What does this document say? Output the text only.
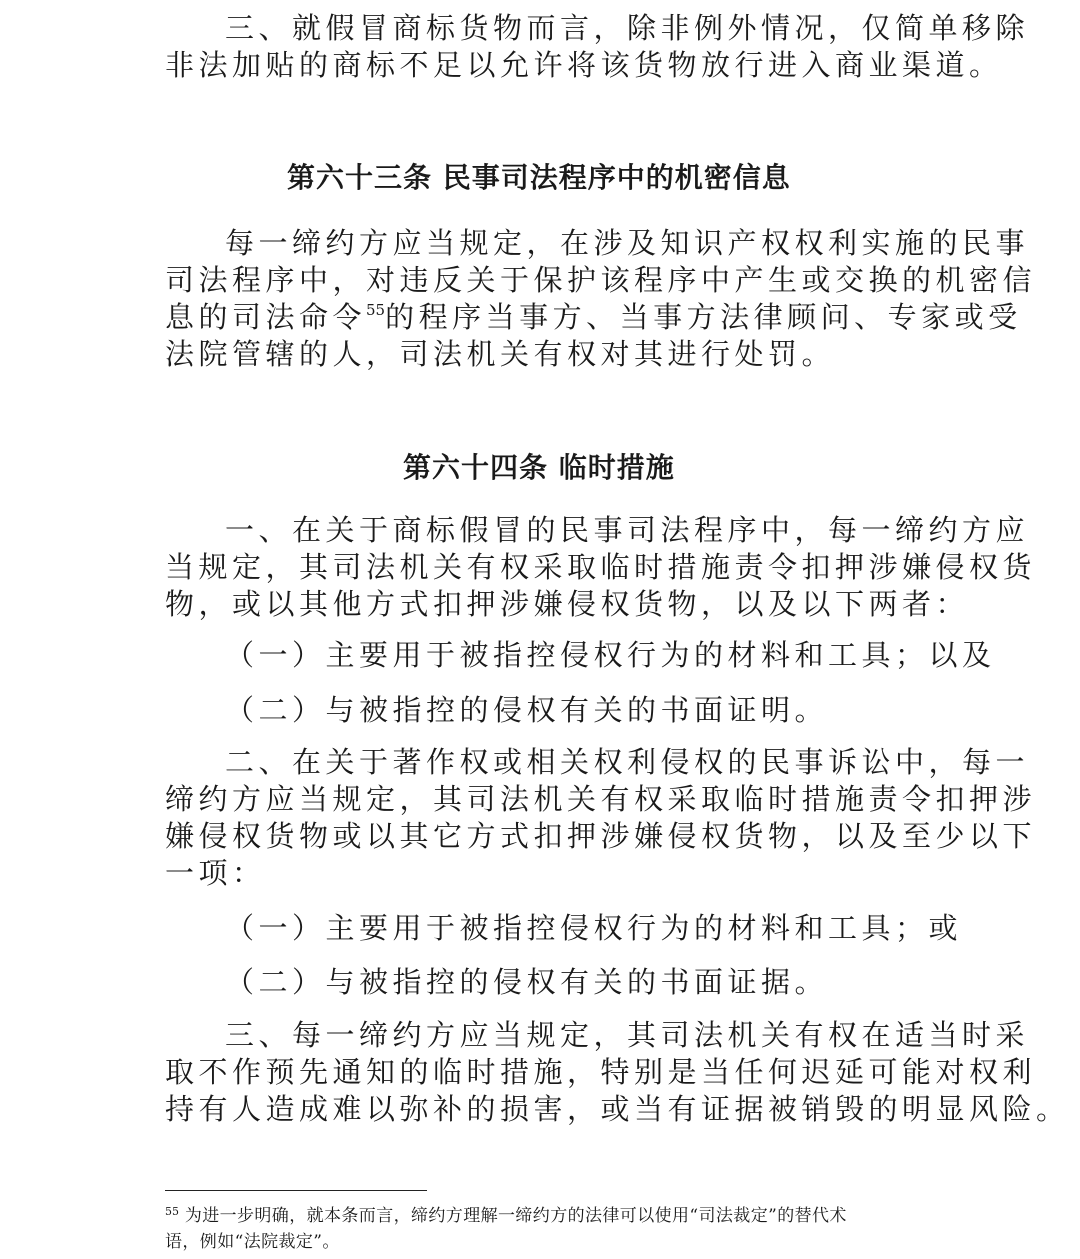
三、就假冒商标货物而言，除非例外情况，仅简单移除
非法加贴的商标不足以允许将该货物放行进入商业渠道。
第六十三条 民事司法程序中的机密信息
每一缔约方应当规定，在涉及知识产权权利实施的民事
司法程序中，对违反关于保护该程序中产生或交换的机密信
息的司法命令$^{55}$的程序当事方、当事方法律顾问、专家或受
法院管辖的人，司法机关有权对其进行处罚。
第六十四条 临时措施
一、在关于商标假冒的民事司法程序中，每一缔约方应
当规定，其司法机关有权采取临时措施责令扣押涉嫌侵权货
物，或以其他方式扣押涉嫌侵权货物，以及以下两者：
（一）主要用于被指控侵权行为的材料和工具；以及
（二）与被指控的侵权有关的书面证明。
二、在关于著作权或相关权利侵权的民事诉讼中，每一
缔约方应当规定，其司法机关有权采取临时措施责令扣押涉
嫌侵权货物或以其它方式扣押涉嫌侵权货物，以及至少以下
一项：
（一）主要用于被指控侵权行为的材料和工具；或
（二）与被指控的侵权有关的书面证据。
三、每一缔约方应当规定，其司法机关有权在适当时采
取不作预先通知的临时措施，特别是当任何迟延可能对权利
持有人造成难以弥补的损害，或当有证据被销毁的明显风险。
$^{55}$ 为进一步明确，就本条而言，缔约方理解一缔约方的法律可以使用“司法裁定”的替代术
语，例如“法院裁定”。
